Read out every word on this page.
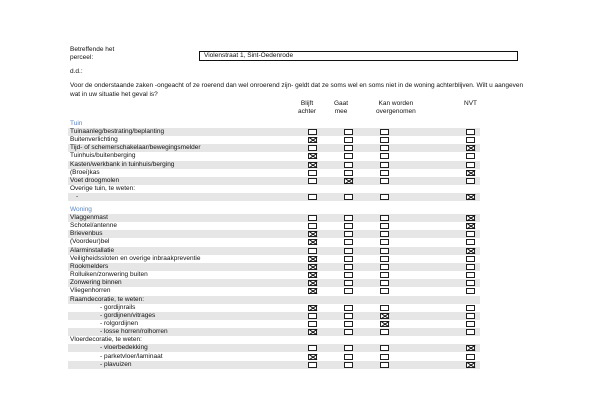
Betreffende het
perceel:	Violenstraat 1, Sint-Oedenrode
d.d.:
Voor de onderstaande zaken -ongeacht of ze roerend dan wel onroerend zijn- geldt dat ze soms wel en soms niet in de woning achterblijven. Wilt u aangeven wat in uw situatie het geval is?
Blijft
achter
Gaat
mee
Kan worden
overgenomen
NVT
Tuin
Tuinaanleg/bestrating/beplanting
Buitenverlichting
Tijd- of schemerschakelaar/bewegingsmelder
Tuinhuis/buitenberging
Kasten/werkbank in tuinhuis/berging
(Broei)kas
Voet droogmolen
Overige tuin, te weten:
-
Woning
Vlaggenmast
Schotel/antenne
Brievenbus
(Voordeur)bel
Alarminstallatie
Veiligheidssloten en overige inbraakpreventie
Rookmelders
Rolluiken/zonwering buiten
Zonwering binnen
Vliegenhorren
Raamdecoratie, te weten:
- gordijnrails
- gordijnen/vitrages
- rolgordijnen
- losse horren/rolhorren
Vloerdecoratie, te weten:
- vloerbedekking
- parketvloer/laminaat
- plavuizen
